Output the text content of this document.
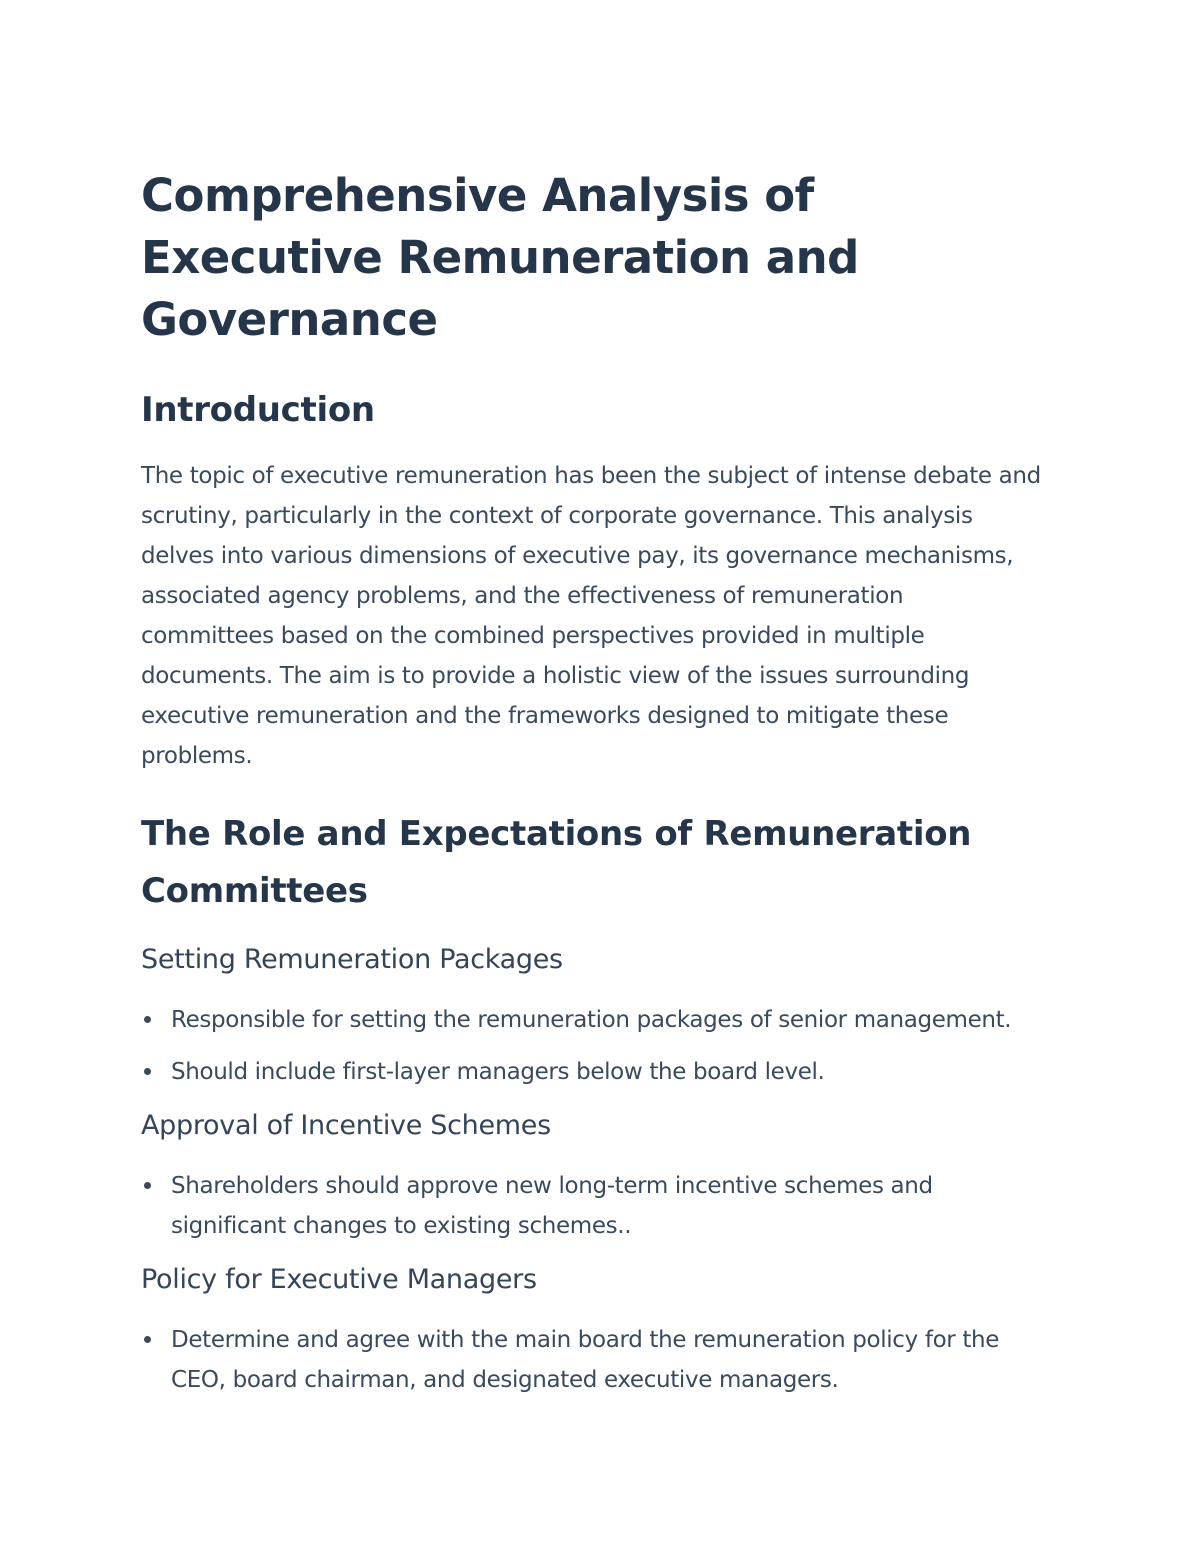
Comprehensive Analysis of Executive Remuneration and Governance
Introduction

The topic of executive remuneration has been the subject of intense debate and scrutiny, particularly in the context of corporate governance. This analysis delves into various dimensions of executive pay, its governance mechanisms, associated agency problems, and the effectiveness of remuneration committees based on the combined perspectives provided in multiple documents. The aim is to provide a holistic view of the issues surrounding executive remuneration and the frameworks designed to mitigate these problems.

The Role and Expectations of Remuneration Committees
Setting Remuneration Packages
Responsible for setting the remuneration packages of senior management.
Should include first-layer managers below the board level.
Approval of Incentive Schemes
Shareholders should approve new long-term incentive schemes and significant changes to existing schemes..
Policy for Executive Managers
Determine and agree with the main board the remuneration policy for the CEO, board chairman, and designated executive managers.
